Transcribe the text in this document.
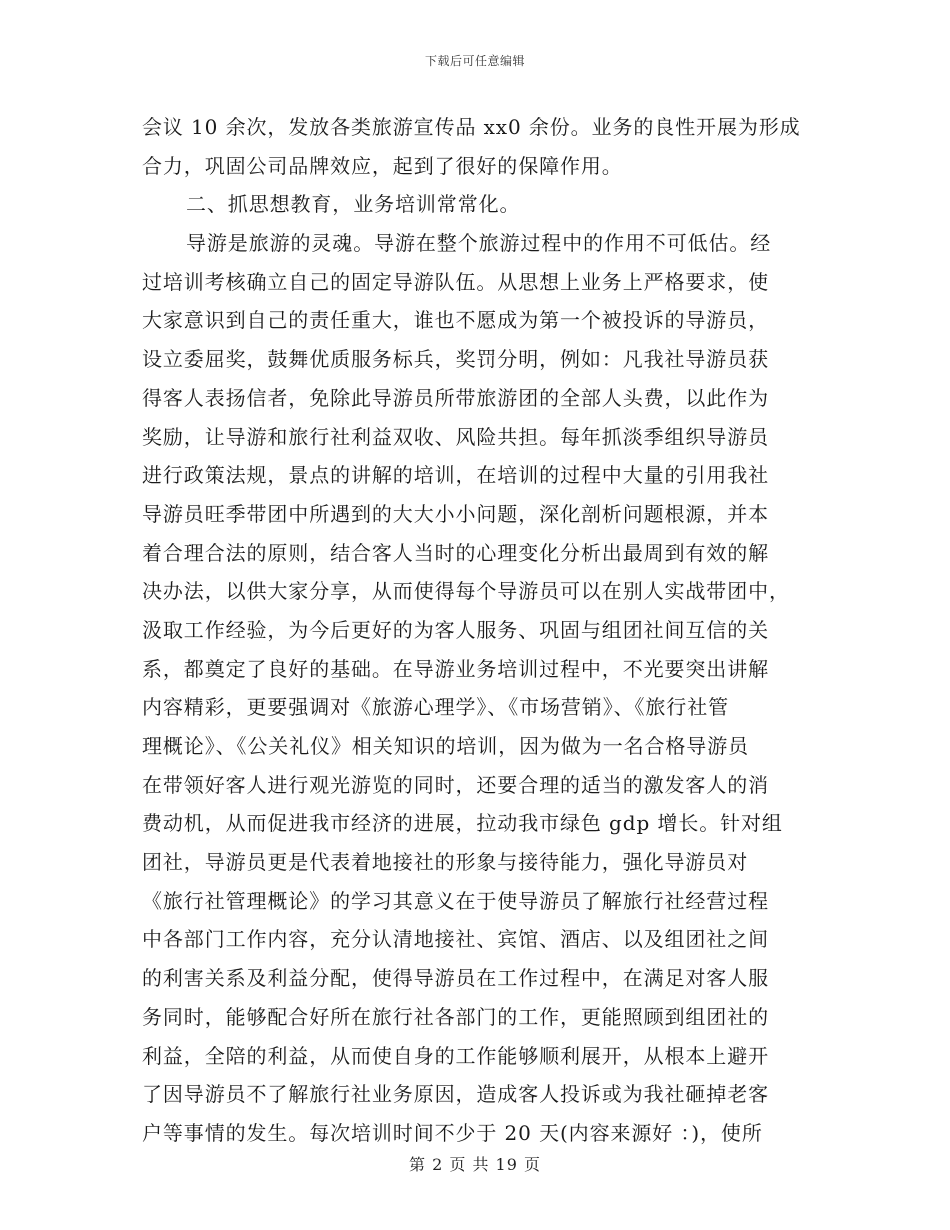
下载后可任意编辑
会议 10 余次，发放各类旅游宣传品 xx0 余份。业务的良性开展为形成
合力，巩固公司品牌效应，起到了很好的保障作用。
二、抓思想教育，业务培训常常化。
导游是旅游的灵魂。导游在整个旅游过程中的作用不可低估。经
过培训考核确立自己的固定导游队伍。从思想上业务上严格要求，使
大家意识到自己的责任重大，谁也不愿成为第一个被投诉的导游员，
设立委屈奖，鼓舞优质服务标兵，奖罚分明，例如：凡我社导游员获
得客人表扬信者，免除此导游员所带旅游团的全部人头费，以此作为
奖励，让导游和旅行社利益双收、风险共担。每年抓淡季组织导游员
进行政策法规，景点的讲解的培训，在培训的过程中大量的引用我社
导游员旺季带团中所遇到的大大小小问题，深化剖析问题根源，并本
着合理合法的原则，结合客人当时的心理变化分析出最周到有效的解
决办法，以供大家分享，从而使得每个导游员可以在别人实战带团中，
汲取工作经验，为今后更好的为客人服务、巩固与组团社间互信的关
系，都奠定了良好的基础。在导游业务培训过程中，不光要突出讲解
内容精彩，更要强调对《旅游心理学》、《市场营销》、《旅行社管
理概论》、《公关礼仪》相关知识的培训，因为做为一名合格导游员
在带领好客人进行观光游览的同时，还要合理的适当的激发客人的消
费动机，从而促进我市经济的进展，拉动我市绿色 gdp 增长。针对组
团社，导游员更是代表着地接社的形象与接待能力，强化导游员对
《旅行社管理概论》的学习其意义在于使导游员了解旅行社经营过程
中各部门工作内容，充分认清地接社、宾馆、酒店、以及组团社之间
的利害关系及利益分配，使得导游员在工作过程中，在满足对客人服
务同时，能够配合好所在旅行社各部门的工作，更能照顾到组团社的
利益，全陪的利益，从而使自身的工作能够顺利展开，从根本上避开
了因导游员不了解旅行社业务原因，造成客人投诉或为我社砸掉老客
户等事情的发生。每次培训时间不少于 20 天(内容来源好 ：)，使所
第 2 页 共 19 页
